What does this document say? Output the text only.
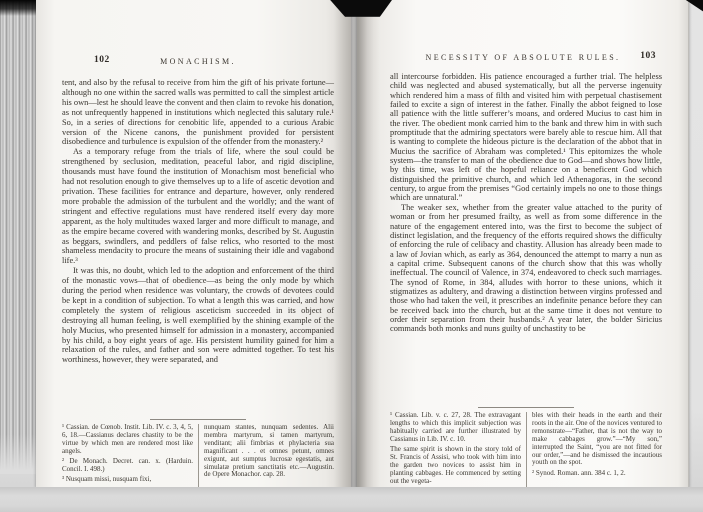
102	MONACHISM.

tent, and also by the refusal to receive from him the gift of his private fortune—although no one within the sacred walls was permitted to call the simplest article his own—lest he should leave the convent and then claim to revoke his donation, as not unfrequently happened in institutions which neglected this salutary rule.¹ So, in a series of directions for cenobitic life, appended to a curious Arabic version of the Nicene canons, the punishment provided for persistent disobedience and turbulence is expulsion of the offender from the monastery.²

As a temporary refuge from the trials of life, where the soul could be strengthened by seclusion, meditation, peaceful labor, and rigid discipline, thousands must have found the institution of Monachism most beneficial who had not resolution enough to give themselves up to a life of ascetic devotion and privation. These facilities for entrance and departure, however, only rendered more probable the admission of the turbulent and the worldly; and the want of stringent and effective regulations must have rendered itself every day more apparent, as the holy multitudes waxed larger and more difficult to manage, and as the empire became covered with wandering monks, described by St. Augustin as beggars, swindlers, and peddlers of false relics, who resorted to the most shameless mendacity to procure the means of sustaining their idle and vagabond life.³

It was this, no doubt, which led to the adoption and enforcement of the third of the monastic vows—that of obedience—as being the only mode by which during the period when residence was voluntary, the crowds of devotees could be kept in a condition of subjection. To what a length this was carried, and how completely the system of religious asceticism succeeded in its object of destroying all human feeling, is well exemplified by the shining example of the holy Mucius, who presented himself for admission in a monastery, accompanied by his child, a boy eight years of age. His persistent humility gained for him a relaxation of the rules, and father and son were admitted together. To test his worthiness, however, they were separated, and

¹ Cassian. de Cœnob. Instit. Lib. IV. c. 3, 4, 5, 6, 18.—Cassianus declares chastity to be the virtue by which men are rendered most like angels.

² De Monach. Decret. can. x. (Harduin. Concil. I. 498.)

³ Nusquam missi, nusquam fixi,

nunquam stantes, nunquam sedentes. Alii membra martyrum, si tamen martyrum, venditant; alii fimbrias et phylacteria sua magnificant . . . et omnes petunt, omnes exigunt, aut sumptus lucrosæ egestatis, aut simulatæ pretium sanctitatis etc.—Augustin. de Opere Monachor. cap. 28.

103
NECESSITY OF ABSOLUTE RULES.

all intercourse forbidden. His patience encouraged a further trial. The helpless child was neglected and abused systematically, but all the perverse ingenuity which rendered him a mass of filth and visited him with perpetual chastisement failed to excite a sign of interest in the father. Finally the abbot feigned to lose all patience with the little sufferer’s moans, and ordered Mucius to cast him in the river. The obedient monk carried him to the bank and threw him in with such promptitude that the admiring spectators were barely able to rescue him. All that is wanting to complete the hideous picture is the declaration of the abbot that in Mucius the sacrifice of Abraham was completed.¹ This epitomizes the whole system—the transfer to man of the obedience due to God—and shows how little, by this time, was left of the hopeful reliance on a beneficent God which distinguished the primitive church, and which led Athenagoras, in the second century, to argue from the premises “God certainly impels no one to those things which are unnatural.”

The weaker sex, whether from the greater value attached to the purity of woman or from her presumed frailty, as well as from some difference in the nature of the engagement entered into, was the first to become the subject of distinct legislation, and the frequency of the efforts required shows the difficulty of enforcing the rule of celibacy and chastity. Allusion has already been made to a law of Jovian which, as early as 364, denounced the attempt to marry a nun as a capital crime. Subsequent canons of the church show that this was wholly ineffectual. The council of Valence, in 374, endeavored to check such marriages. The synod of Rome, in 384, alludes with horror to these unions, which it stigmatizes as adultery, and drawing a distinction between virgins professed and those who had taken the veil, it prescribes an indefinite penance before they can be received back into the church, but at the same time it does not venture to order their separation from their husbands.² A year later, the bolder Siricius commands both monks and nuns guilty of unchastity to be

¹ Cassian. Lib. v. c. 27, 28. The extravagant lengths to which this implicit subjection was habitually carried are further illustrated by Cassianus in Lib. IV. c. 10.

The same spirit is shown in the story told of St. Francis of Assisi, who took with him into the garden two novices to assist him in planting cabbages. He commenced by setting out the vegeta-

bles with their heads in the earth and their roots in the air. One of the novices ventured to remonstrate—“Father, that is not the way to make cabbages grow.”—“My son,” interrupted the Saint, “you are not fitted for our order,”—and he dismissed the incautious youth on the spot.

² Synod. Roman. ann. 384 c. 1, 2.
